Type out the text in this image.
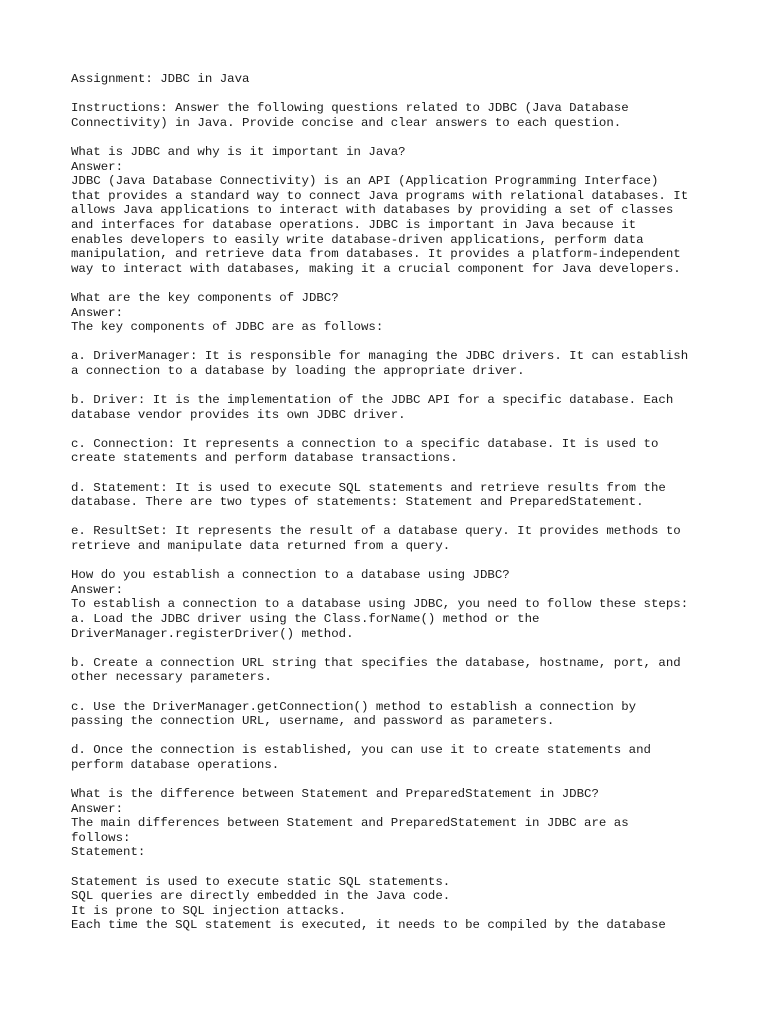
Assignment: JDBC in Java
Instructions: Answer the following questions related to JDBC (Java Database
Connectivity) in Java. Provide concise and clear answers to each question.
What is JDBC and why is it important in Java?
Answer:
JDBC (Java Database Connectivity) is an API (Application Programming Interface)
that provides a standard way to connect Java programs with relational databases. It
allows Java applications to interact with databases by providing a set of classes
and interfaces for database operations. JDBC is important in Java because it
enables developers to easily write database-driven applications, perform data
manipulation, and retrieve data from databases. It provides a platform-independent
way to interact with databases, making it a crucial component for Java developers.
What are the key components of JDBC?
Answer:
The key components of JDBC are as follows:
a. DriverManager: It is responsible for managing the JDBC drivers. It can establish
a connection to a database by loading the appropriate driver.
b. Driver: It is the implementation of the JDBC API for a specific database. Each
database vendor provides its own JDBC driver.
c. Connection: It represents a connection to a specific database. It is used to
create statements and perform database transactions.
d. Statement: It is used to execute SQL statements and retrieve results from the
database. There are two types of statements: Statement and PreparedStatement.
e. ResultSet: It represents the result of a database query. It provides methods to
retrieve and manipulate data returned from a query.
How do you establish a connection to a database using JDBC?
Answer:
To establish a connection to a database using JDBC, you need to follow these steps:
a. Load the JDBC driver using the Class.forName() method or the
DriverManager.registerDriver() method.
b. Create a connection URL string that specifies the database, hostname, port, and
other necessary parameters.
c. Use the DriverManager.getConnection() method to establish a connection by
passing the connection URL, username, and password as parameters.
d. Once the connection is established, you can use it to create statements and
perform database operations.
What is the difference between Statement and PreparedStatement in JDBC?
Answer:
The main differences between Statement and PreparedStatement in JDBC are as
follows:
Statement:
Statement is used to execute static SQL statements.
SQL queries are directly embedded in the Java code.
It is prone to SQL injection attacks.
Each time the SQL statement is executed, it needs to be compiled by the database
